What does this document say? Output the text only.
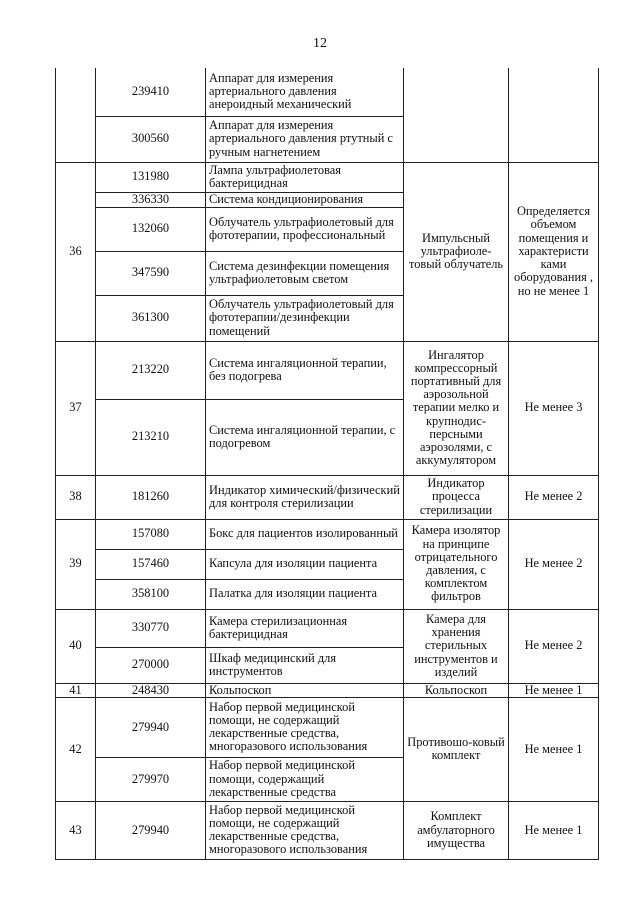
12
	239410	Аппарат для измерения артериального давления анероидный механический		
	300560	Аппарат для измерения артериального давления ртутный с ручным нагнетением		
36	131980	Лампа ультрафиолетовая бактерицидная	Импульсный ультрафиоле-товый облучатель	Определяется объемом помещения и характеристи ками оборудования , но не менее 1
	336330	Система кондиционирования		
	132060	Облучатель ультрафиолетовый для фототерапии, профессиональный		
	347590	Система дезинфекции помещения ультрафиолетовым светом		
	361300	Облучатель ультрафиолетовый для фототерапии/дезинфекции помещений		
37	213220	Система ингаляционной терапии, без подогрева	Ингалятор компрессорный портативный для аэрозольной терапии мелко и крупнодис-персными аэрозолями, с аккумулятором	Не менее 3
	213210	Система ингаляционной терапии, с подогревом		
38	181260	Индикатор химический/физический для контроля стерилизации	Индикатор процесса стерилизации	Не менее 2
39	157080	Бокс для пациентов изолированный	Камера изолятор на принципе отрицательного давления, с комплектом фильтров	Не менее 2
	157460	Капсула для изоляции пациента		
	358100	Палатка для изоляции пациента		
40	330770	Камера стерилизационная бактерицидная	Камера для хранения стерильных инструментов и изделий	Не менее 2
	270000	Шкаф медицинский для инструментов		
41	248430	Кольпоскоп	Кольпоскоп	Не менее 1
42	279940	Набор первой медицинской помощи, не содержащий лекарственные средства, многоразового использования	Противошо-ковый комплект	Не менее 1
	279970	Набор первой медицинской помощи, содержащий лекарственные средства		
43	279940	Набор первой медицинской помощи, не содержащий лекарственные средства, многоразового использования	Комплект амбулаторного имущества	Не менее 1
